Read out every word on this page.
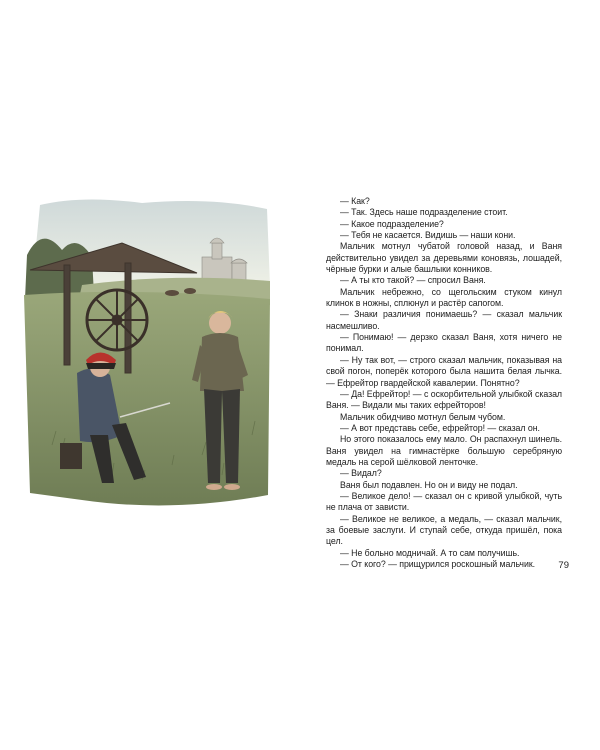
— Как?

— Так. Здесь наше подразделение стоит.

— Какое подразделение?

— Тебя не касается. Видишь — наши кони.

Мальчик мотнул чубатой головой назад, и Ваня действительно увидел за деревьями коновязь, лошадей, чёрные бурки и алые башлыки конников.

— А ты кто такой? — спросил Ваня.

Мальчик небрежно, со щегольским стуком кинул клинок в ножны, сплюнул и растёр сапогом.

— Знаки различия понимаешь? — сказал мальчик насмешливо.

— Понимаю! — дерзко сказал Ваня, хотя ничего не понимал.

— Ну так вот, — строго сказал мальчик, показывая на свой погон, поперёк которого была нашита белая лычка. — Ефрейтор гвардейской кавалерии. Понятно?

— Да! Ефрейтор! — с оскорбительной улыбкой сказал Ваня. — Видали мы таких ефрейторов!

Мальчик обидчиво мотнул белым чубом.

— А вот представь себе, ефрейтор! — сказал он.

Но этого показалось ему мало. Он распахнул шинель. Ваня увидел на гимнастёрке большую серебряную медаль на серой шёлковой ленточке.

— Видал?

Ваня был подавлен. Но он и виду не подал.

— Великое дело! — сказал он с кривой улыбкой, чуть не плача от зависти.

— Великое не великое, а медаль, — сказал мальчик, за боевые заслуги. И ступай себе, откуда пришёл, пока цел.

— Не больно модничай. А то сам получишь.

— От кого? — прищурился роскошный мальчик.	79
